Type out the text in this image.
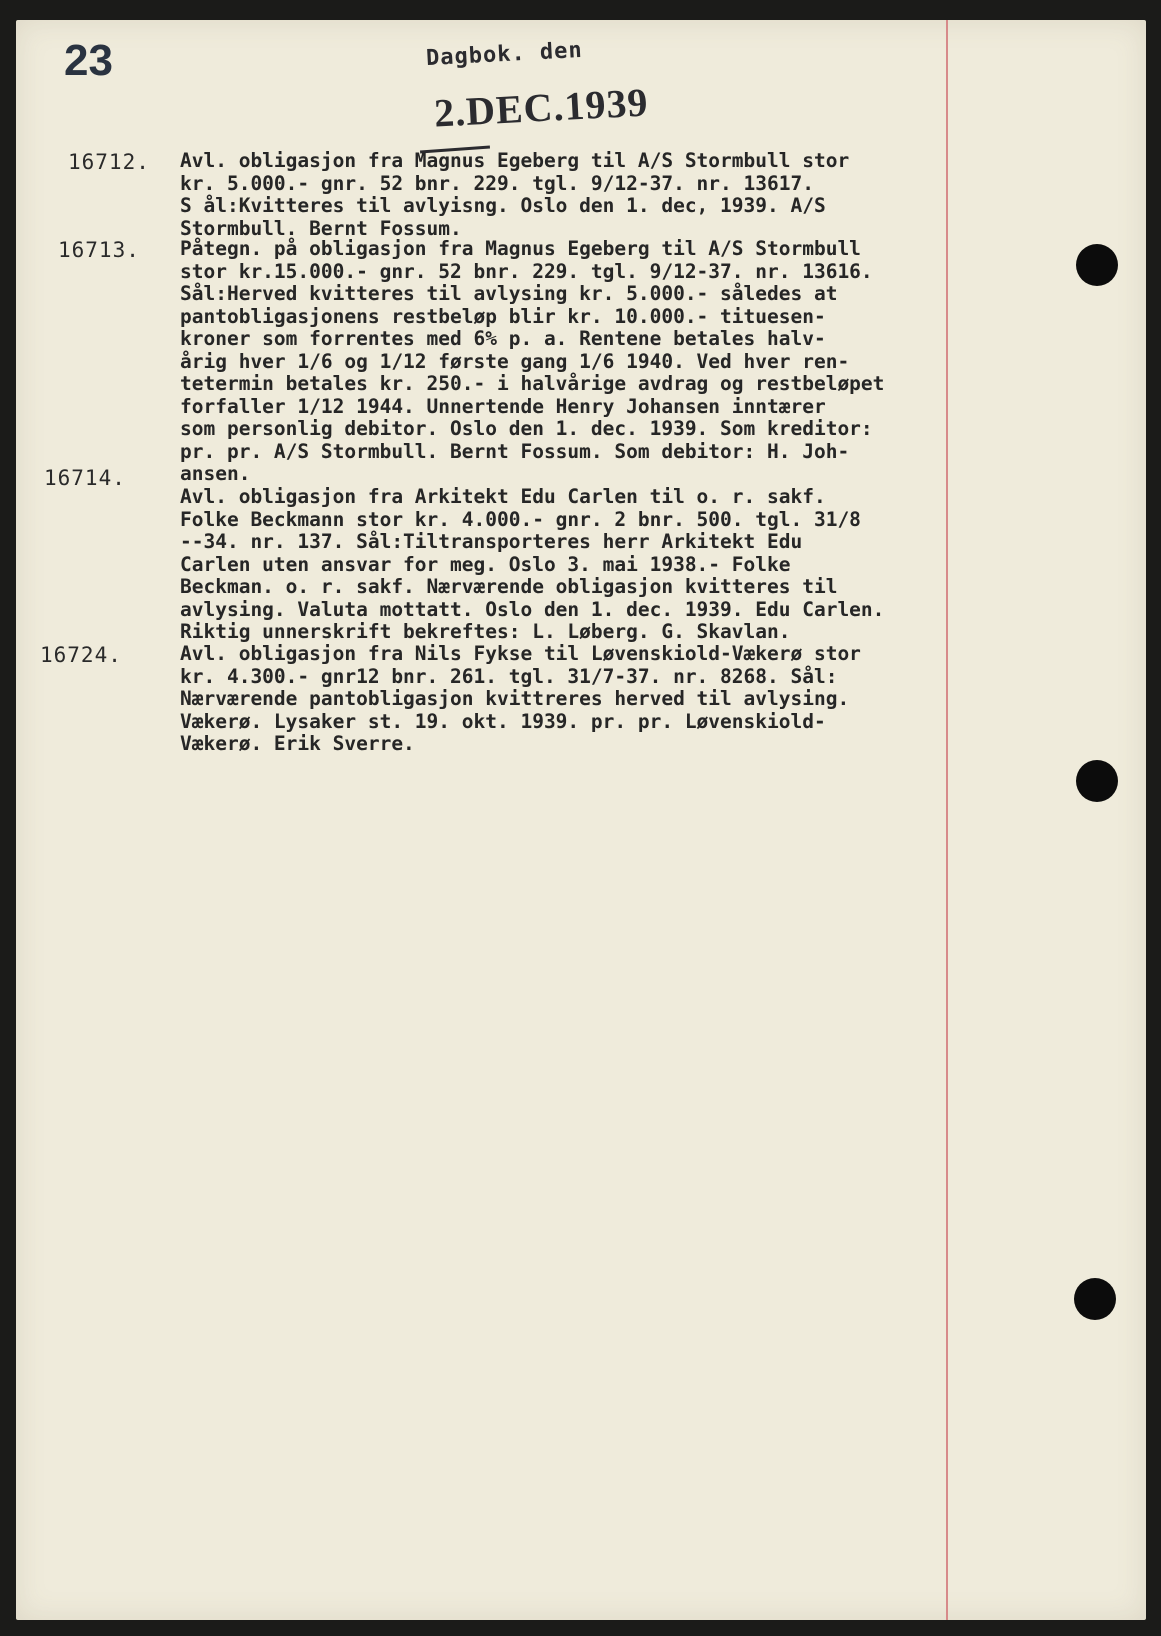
23	Dagbok. den
2.DEC.1939
16712. Avl. obligasjon fra Magnus Egeberg til A/S Stormbull stor
kr. 5.000.- gnr. 52 bnr. 229. tgl. 9/12-37. nr. 13617.
S ål:Kvitteres til avlyisng. Oslo den 1. dec, 1939. A/S
Stormbull. Bernt Fossum.
16713. Påtegn. på obligasjon fra Magnus Egeberg til A/S Stormbull
stor kr.15.000.- gnr. 52 bnr. 229. tgl. 9/12-37. nr. 13616.
Sål:Herved kvitteres til avlysing kr. 5.000.- således at
pantobligasjonens restbeløp blir kr. 10.000.- tituesen-
kroner som forrentes med 6% p. a. Rentene betales halv-
årig hver 1/6 og 1/12 første gang 1/6 1940. Ved hver ren-
tetermin betales kr. 250.- i halvårige avdrag og restbeløpet
forfaller 1/12 1944. Unnertende Henry Johansen inntærer
som personlig debitor. Oslo den 1. dec. 1939. Som kreditor:
pr. pr. A/S Stormbull. Bernt Fossum. Som debitor: H. Joh-
ansen.
16714.
Avl. obligasjon fra Arkitekt Edu Carlen til o. r. sakf.
Folke Beckmann stor kr. 4.000.- gnr. 2 bnr. 500. tgl. 31/8
--34. nr. 137. Sål:Tiltransporteres herr Arkitekt Edu
Carlen uten ansvar for meg. Oslo 3. mai 1938.- Folke
Beckman. o. r. sakf. Nærværende obligasjon kvitteres til
avlysing. Valuta mottatt. Oslo den 1. dec. 1939. Edu Carlen.
Riktig unnerskrift bekreftes: L. Løberg. G. Skavlan.
16724.	Avl. obligasjon fra Nils Fykse til Løvenskiold-Vækerø stor
kr. 4.300.- gnr12 bnr. 261. tgl. 31/7-37. nr. 8268. Sål:
Nærværende pantobligasjon kvittreres herved til avlysing.
Vækerø. Lysaker st. 19. okt. 1939. pr. pr. Løvenskiold-
Vækerø. Erik Sverre.
